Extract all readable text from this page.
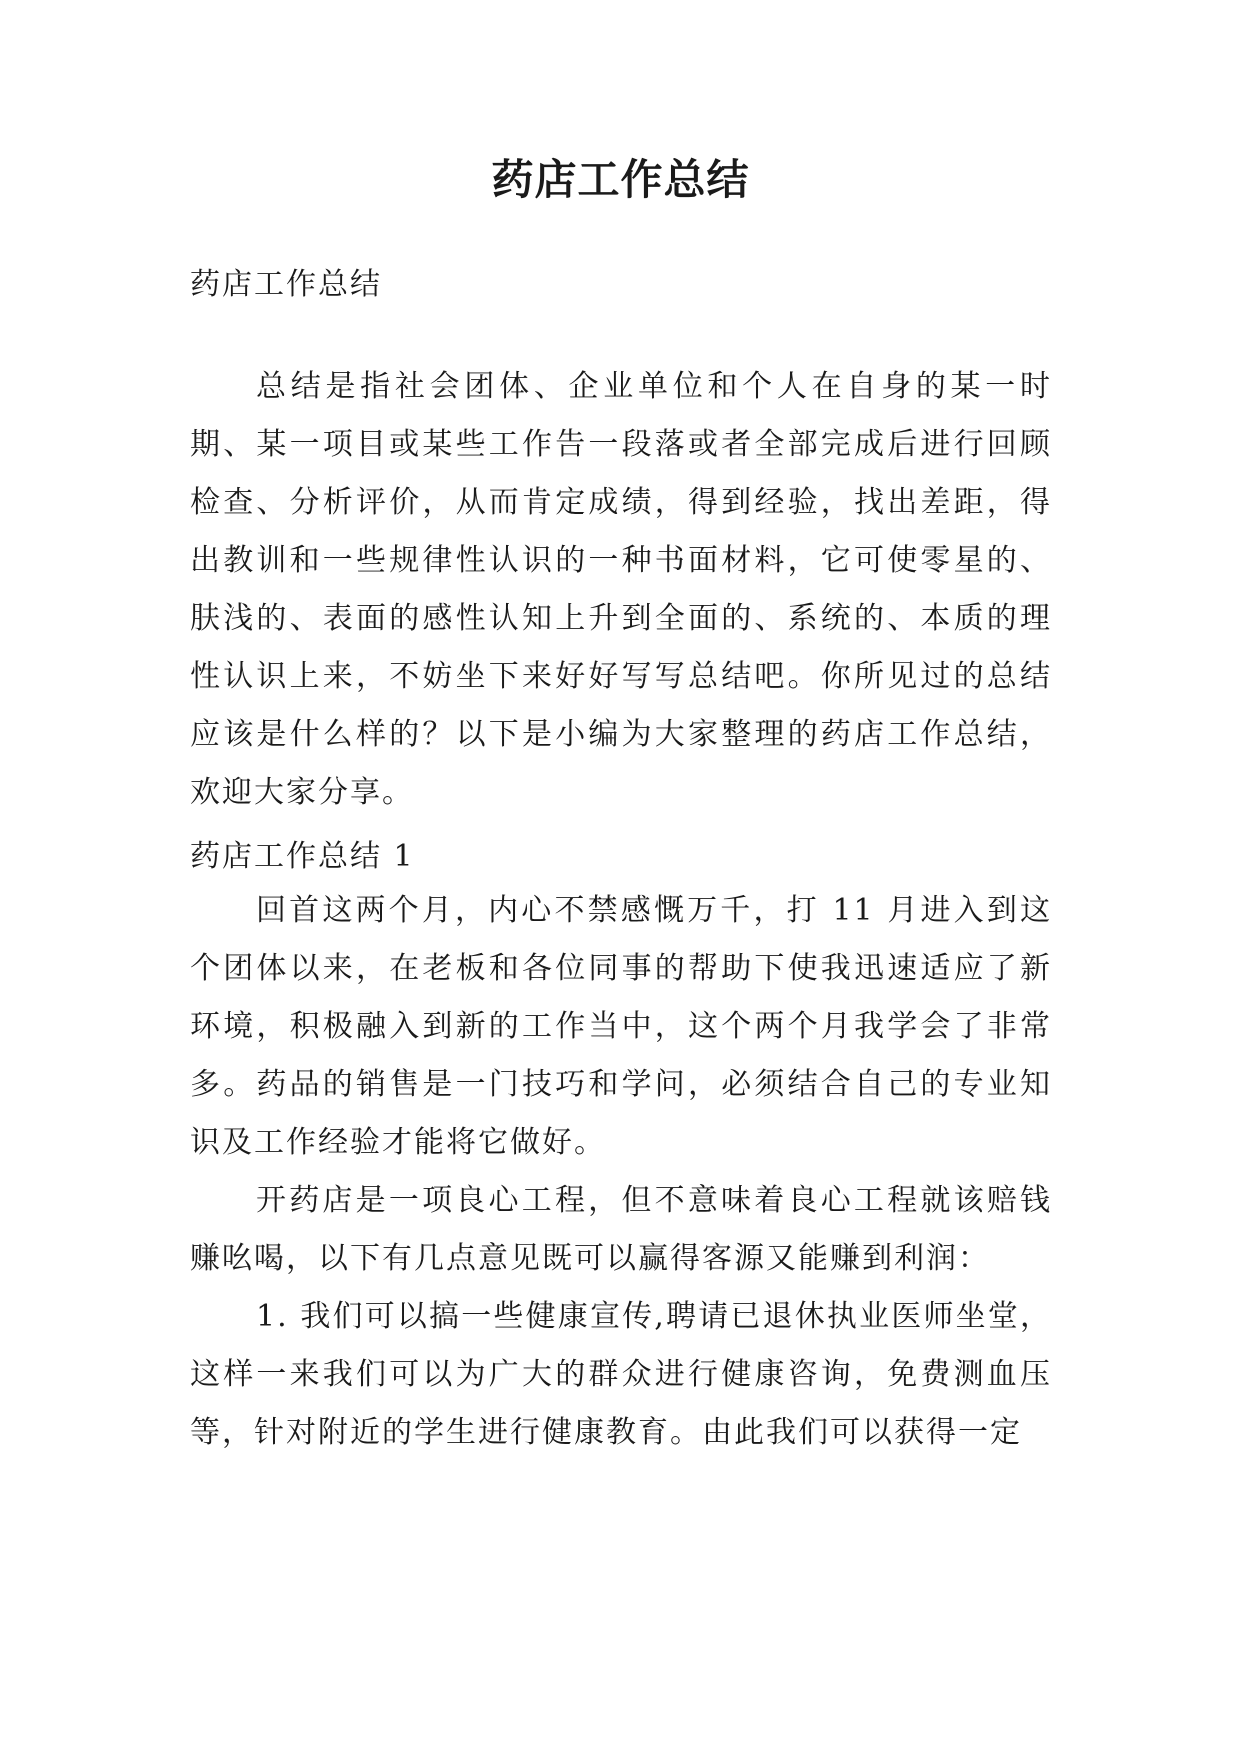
药店工作总结

药店工作总结

总结是指社会团体、企业单位和个人在自身的某一时期、某一项目或某些工作告一段落或者全部完成后进行回顾检查、分析评价，从而肯定成绩，得到经验，找出差距，得出教训和一些规律性认识的一种书面材料，它可使零星的、肤浅的、表面的感性认知上升到全面的、系统的、本质的理性认识上来，不妨坐下来好好写写总结吧。你所见过的总结应该是什么样的？以下是小编为大家整理的药店工作总结，欢迎大家分享。

药店工作总结 1

回首这两个月，内心不禁感慨万千，打 11 月进入到这个团体以来，在老板和各位同事的帮助下使我迅速适应了新环境，积极融入到新的工作当中，这个两个月我学会了非常多。药品的销售是一门技巧和学问，必须结合自己的专业知识及工作经验才能将它做好。

开药店是一项良心工程，但不意味着良心工程就该赔钱赚吆喝，以下有几点意见既可以赢得客源又能赚到利润：

1. 我们可以搞一些健康宣传,聘请已退休执业医师坐堂，这样一来我们可以为广大的群众进行健康咨询，免费测血压等，针对附近的学生进行健康教育。由此我们可以获得一定
